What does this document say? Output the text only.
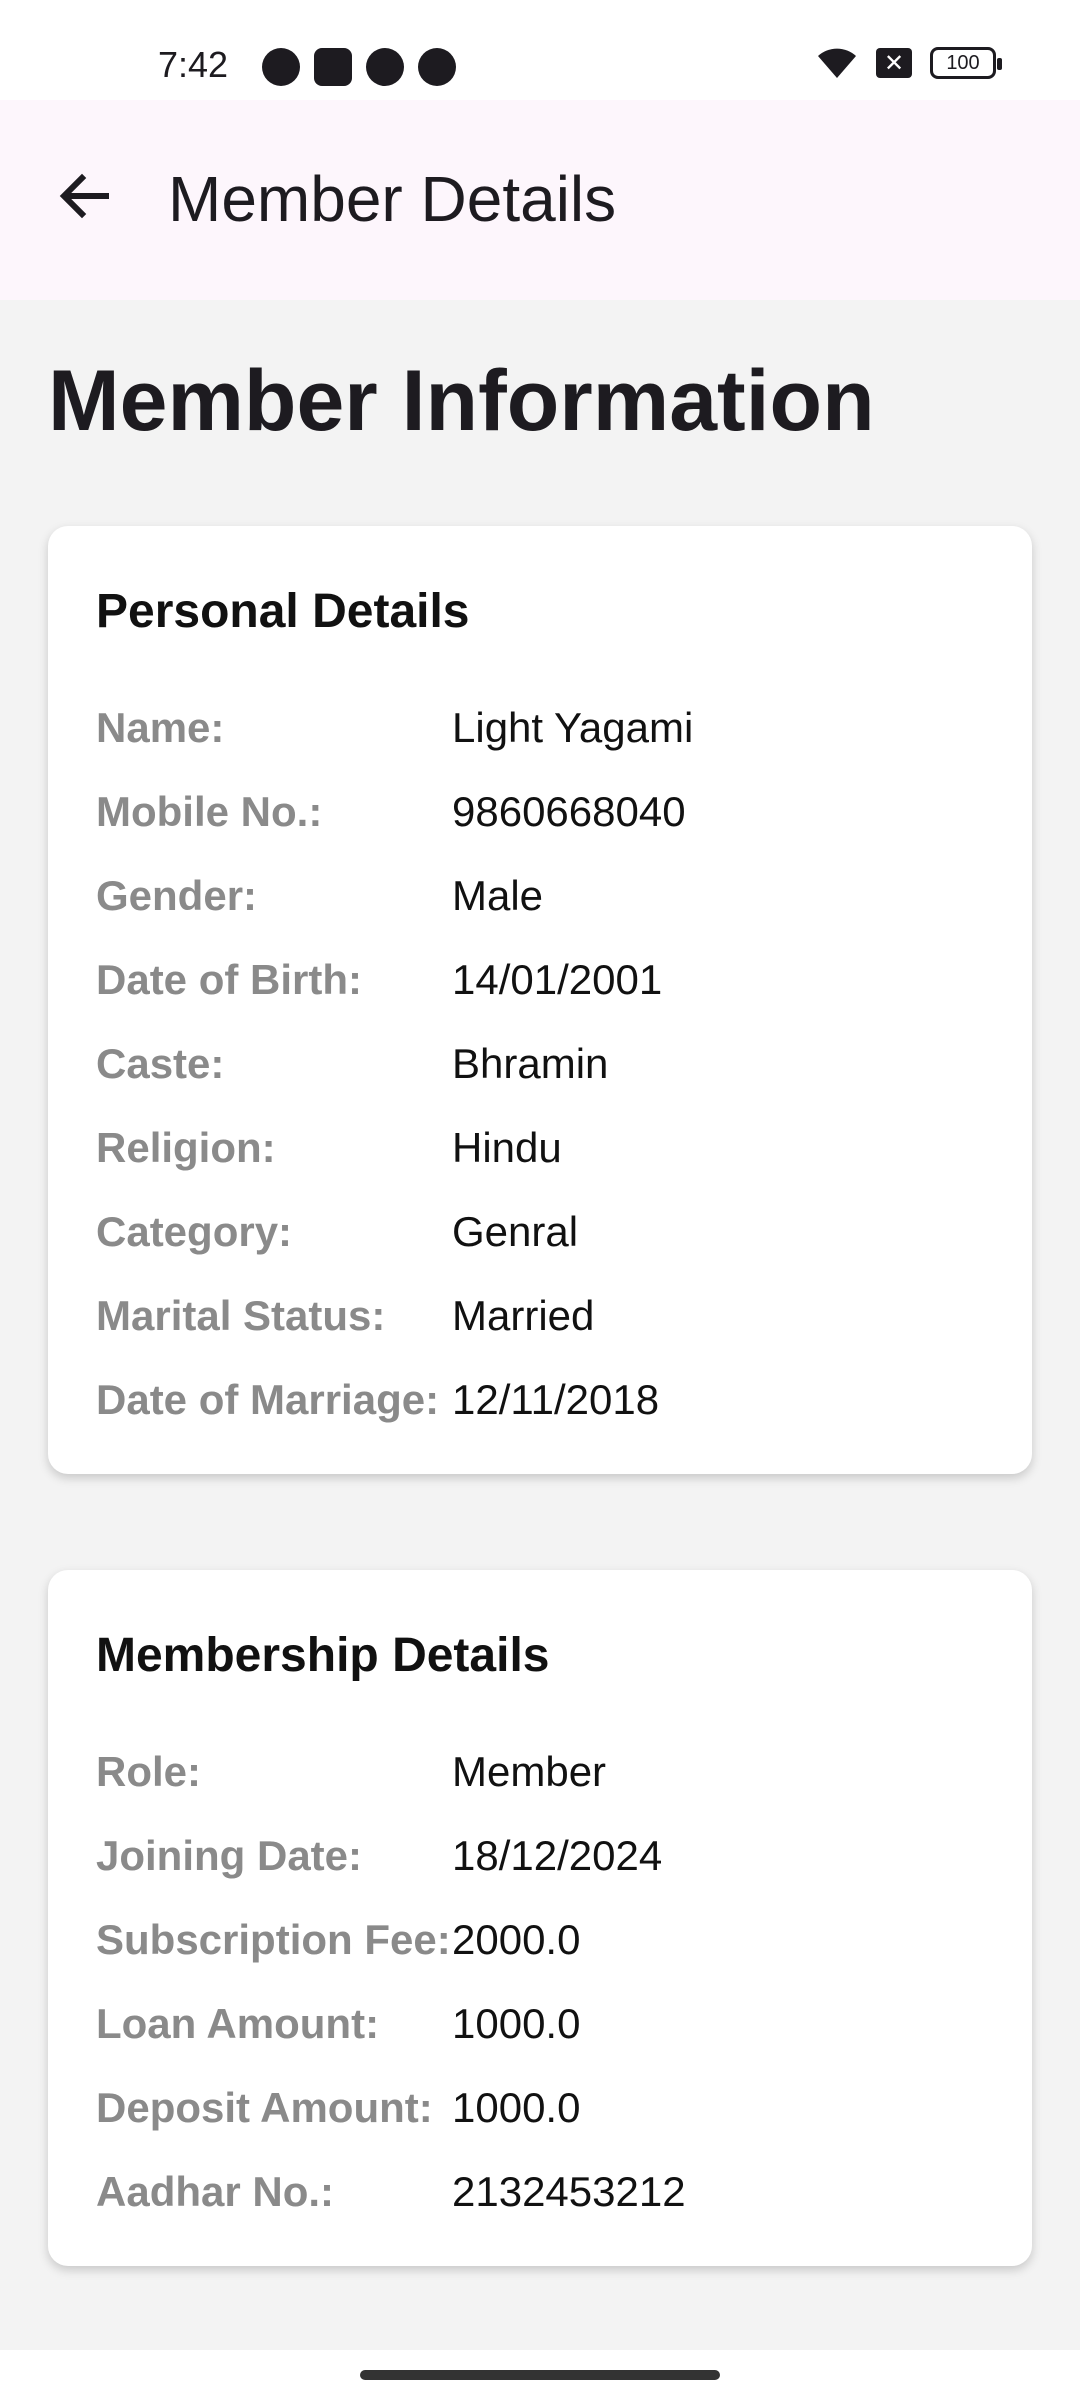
7:42	✕	100
Member Details
Member Information
Personal Details
Name:	Light Yagami
Mobile No.:	9860668040
Gender:	Male
Date of Birth:	14/01/2001
Caste:	Bhramin
Religion:	Hindu
Category:	Genral
Marital Status:	Married
Date of Marriage: 12/11/2018
Membership Details
Role:	Member
Joining Date:	18/12/2024
Subscription Fee: 2000.0
Loan Amount:	1000.0
Deposit Amount: 1000.0
Aadhar No.:	2132453212
